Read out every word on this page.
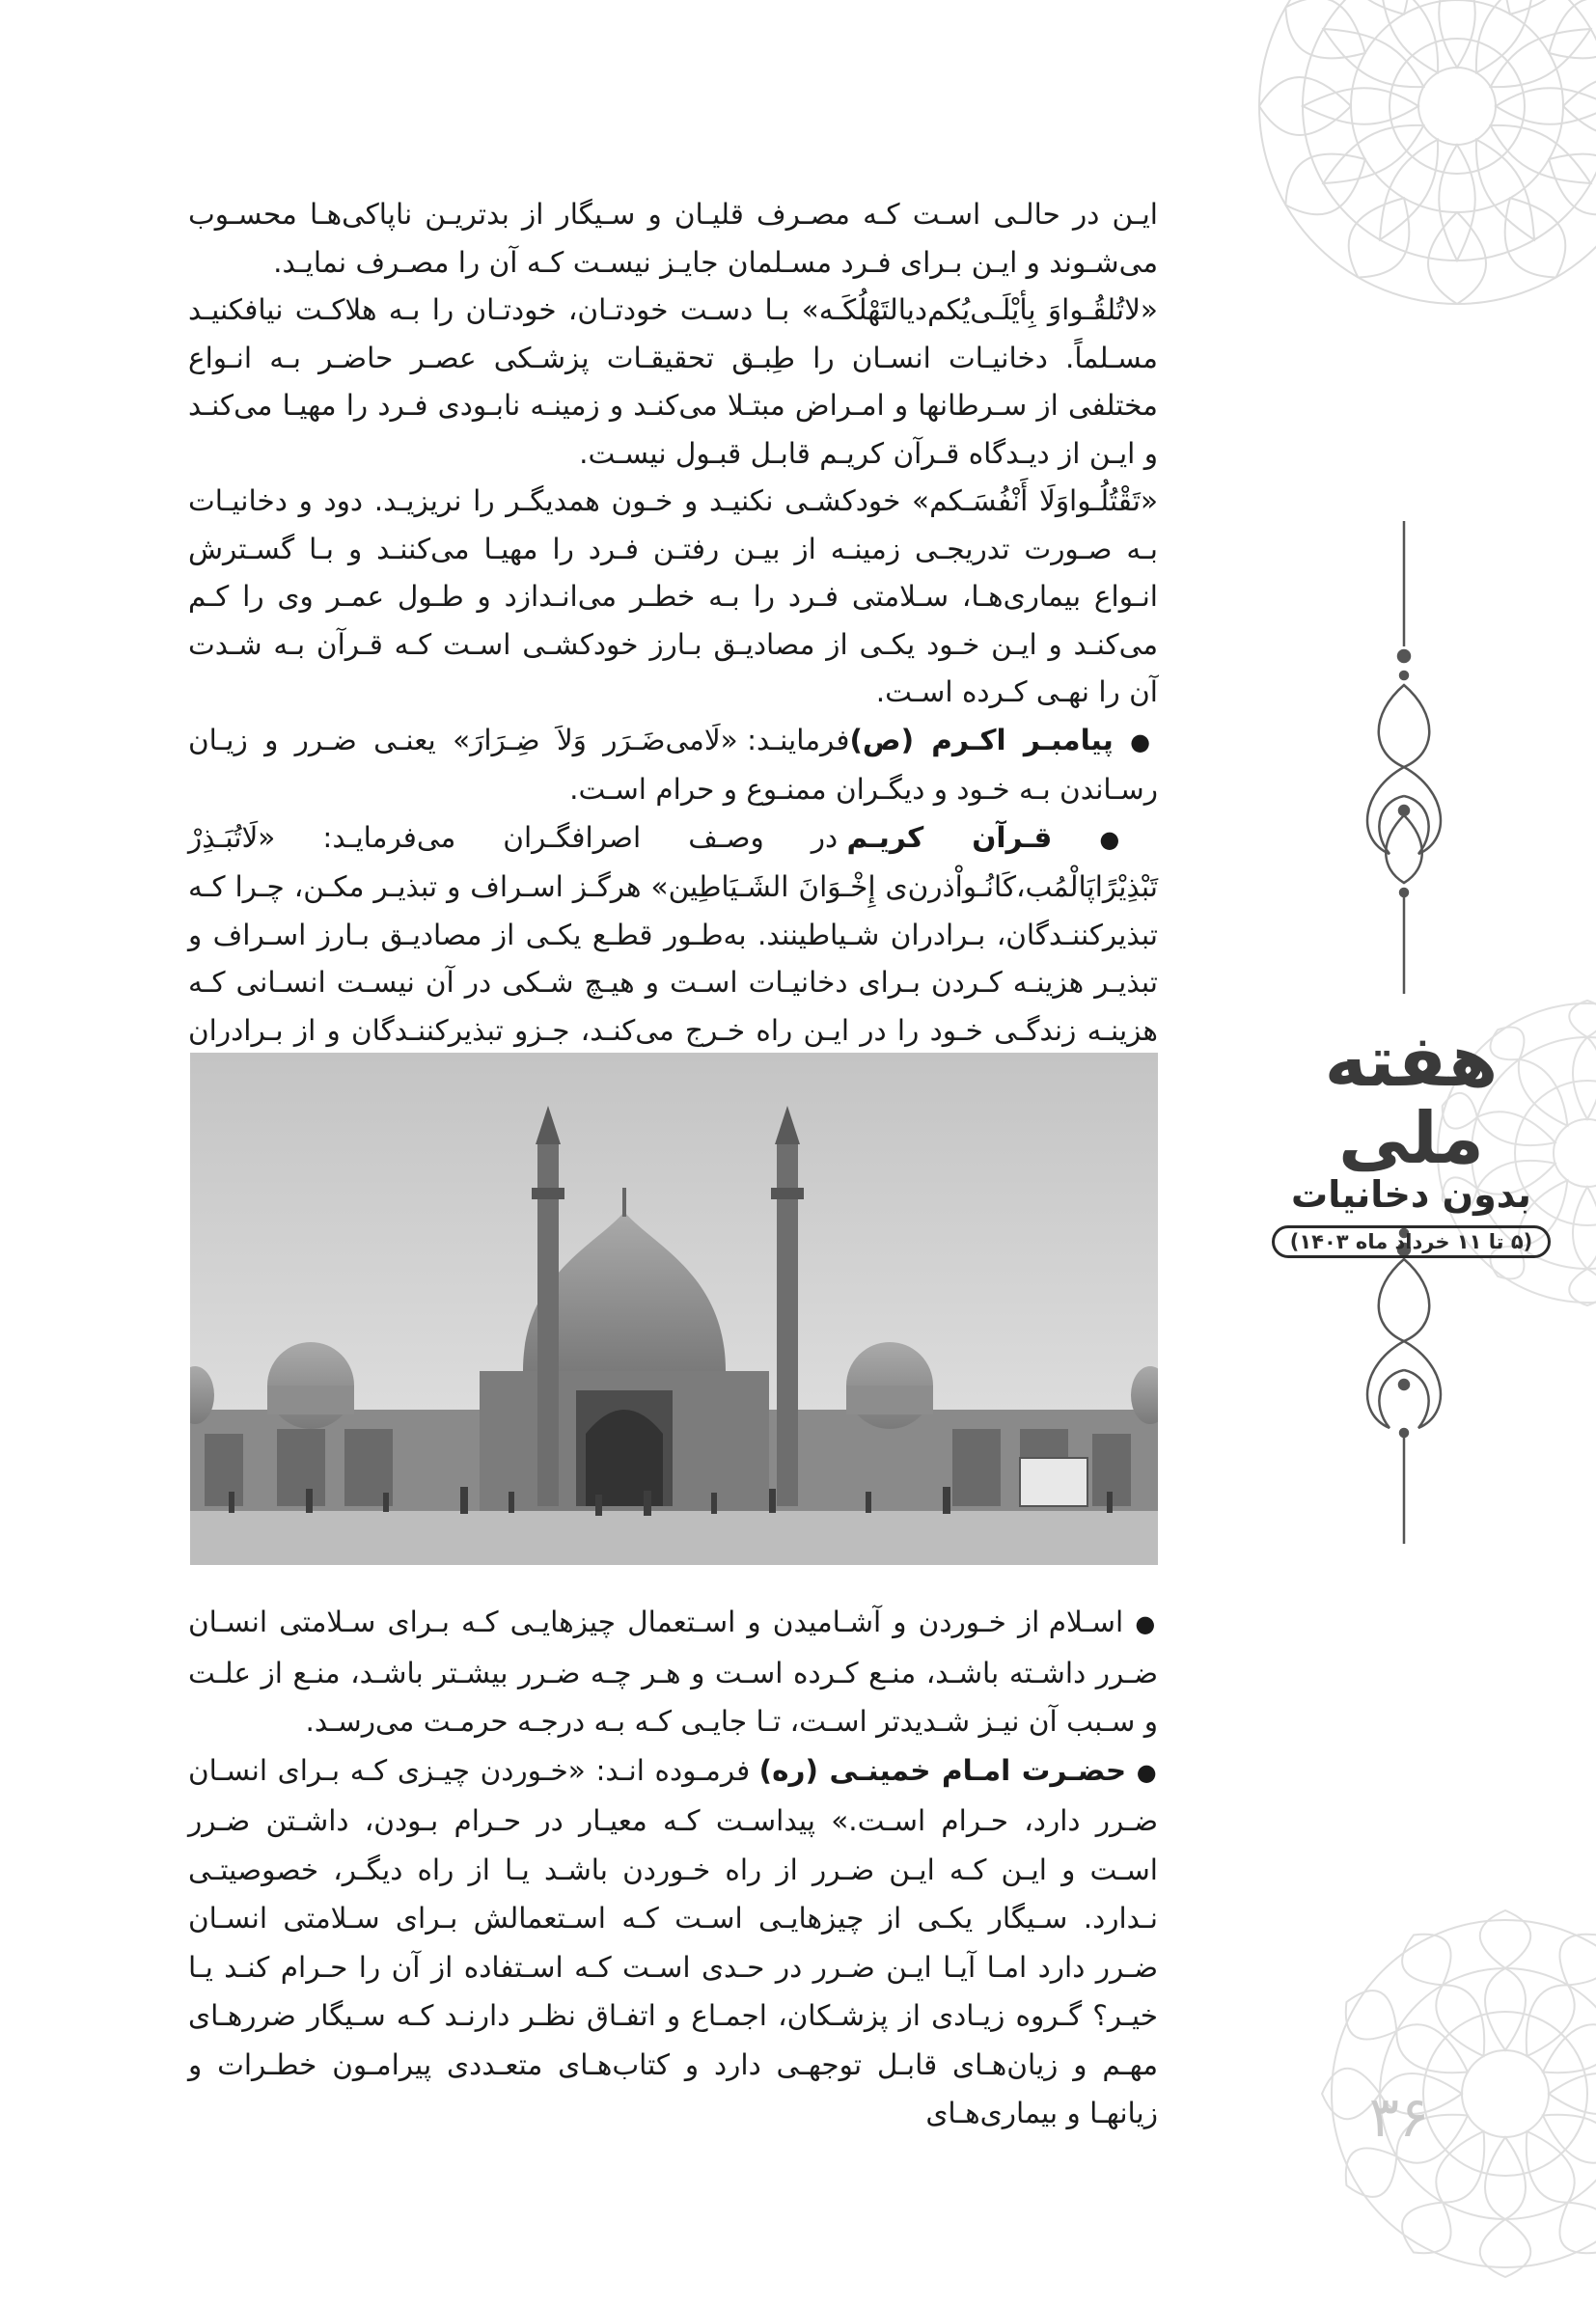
هفته ملی
بدون دخانیات
(۵ تا ۱۱ خرداد ماه ۱۴۰۳)

ایـن در حالـی اسـت کـه مصـرف قلیـان و سـیگار از بدتریـن ناپاکی‌هـا محسـوب می‌شـوند و ایـن بـرای فـرد مسـلمان جایـز نیسـت کـه آن را مصـرف نمایـد.

«لاتُلقُـواوَ بِأیْلَـی‌یُکم‌دیالتَهْلُکَـه» بـا دسـت خودتـان، خودتـان را بـه هلاکـت نیافکنیـد مسـلماً. دخانیـات انسـان را طِبـق تحقیقـات پزشـکی عصـر حاضـر بـه انـواع مختلفی از سـرطانها و امـراض مبتـلا می‌کنـد و زمینـه نابـودی فـرد را مهیـا می‌کنـد و ایـن از دیـدگاه قـرآن کریـم قابـل قبـول نیسـت.

«تَقْتُلُـواوَلَا أَنْفُسَـکم» خودکشـی نکنیـد و خـون همدیگـر را نریزیـد. دود و دخانیـات بـه صـورت تدریجـی زمینـه از بیـن رفتـن فـرد را مهیـا می‌کننـد و بـا گسـترش انـواع بیماری‌هـا، سـلامتی فـرد را بـه خطـر می‌انـدازد و طـول عمـر وی را کـم می‌کنـد و ایـن خـود یکـی از مصادیـق بـارز خودکشـی اسـت کـه قـرآن بـه شـدت آن را نهـی کـرده اسـت.

● پیامبـر اکـرم (ص)فرماینـد: «لَامی‌ضَـرَر وَلاَ ضِـرَارَ» یعنـی ضـرر و زیـان رسـاندن بـه خـود و دیگـران ممنـوع و حرام اسـت.

● قـرآن کریـم در وصـف اصرافگـران می‌فرمایـد: «لَاتُبَـذِرْ تَبْذِیْرًاپَالْمُب،کَانُـواْذرن‌ی إِخْـوَانَ الشَـیَاطِین» هرگـز اسـراف و تبذیـر مکـن، چـرا کـه تبذیرکننـدگان، بـرادران شـیاطینند. به‌طـور قطـع یکـی از مصادیـق بـارز اسـراف و تبذیـر هزینـه کـردن بـرای دخانیـات اسـت و هیـچ شـکی در آن نیسـت انسـانی کـه هزینـه زندگـی خـود را در ایـن راه خـرج می‌کنـد، جـزو تبذیرکننـدگان و از بـرادران

● اسـلام از خـوردن و آشـامیدن و اسـتعمال چیزهایـی کـه بـرای سـلامتی انسـان ضـرر داشـته باشـد، منـع کـرده اسـت و هـر چـه ضـرر بیشـتر باشـد، منـع از علـت و سـبب آن نیـز شـدیدتر اسـت، تـا جایـی کـه بـه درجـه حرمـت می‌رسـد.

● حضـرت امـام خمینـی (ره) فرمـوده انـد: «خـوردن چیـزی کـه بـرای انسـان ضـرر دارد، حـرام اسـت.» پیداسـت کـه معیـار در حـرام بـودن، داشـتن ضـرر اسـت و ایـن کـه ایـن ضـرر از راه خـوردن باشـد یـا از راه دیگـر، خصوصیتـی نـدارد. سـیگار یکـی از چیزهایـی اسـت کـه اسـتعمالش بـرای سـلامتی انسـان ضـرر دارد امـا آیـا ایـن ضـرر در حـدی اسـت کـه اسـتفاده از آن را حـرام کنـد یـا خیـر؟ گـروه زیـادی از پزشـکان، اجمـاع و اتفـاق نظـر دارنـد کـه سـیگار ضررهـای مهـم و زیان‌هـای قابـل توجهـی دارد و کتاب‌هـای متعـددی پیرامـون خطـرات و زیانهـا و بیماری‌هـای	۳۶
